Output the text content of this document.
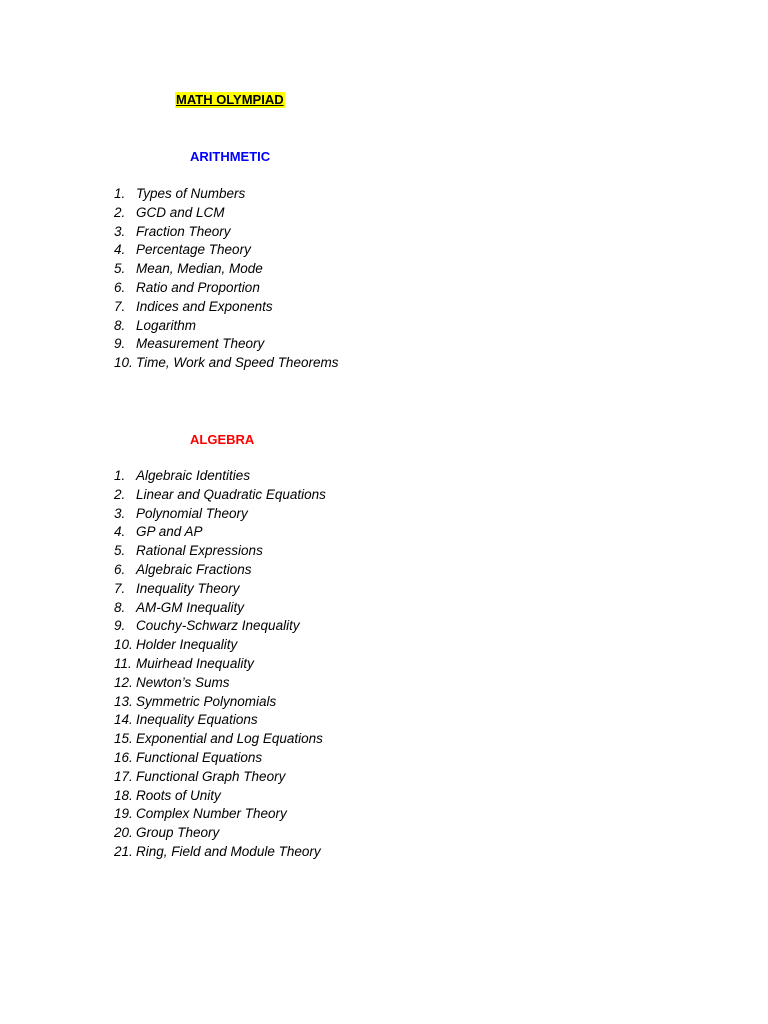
MATH OLYMPIAD
ARITHMETIC
1. Types of Numbers
2. GCD and LCM
3. Fraction Theory
4. Percentage Theory
5. Mean, Median, Mode
6. Ratio and Proportion
7. Indices and Exponents
8. Logarithm
9. Measurement Theory
10. Time, Work and Speed Theorems
ALGEBRA
1. Algebraic Identities
2. Linear and Quadratic Equations
3. Polynomial Theory
4. GP and AP
5. Rational Expressions
6. Algebraic Fractions
7. Inequality Theory
8. AM-GM Inequality
9. Couchy-Schwarz Inequality
10. Holder Inequality
11. Muirhead Inequality
12. Newton’s Sums
13. Symmetric Polynomials
14. Inequality Equations
15. Exponential and Log Equations
16. Functional Equations
17. Functional Graph Theory
18. Roots of Unity
19. Complex Number Theory
20. Group Theory
21. Ring, Field and Module Theory
